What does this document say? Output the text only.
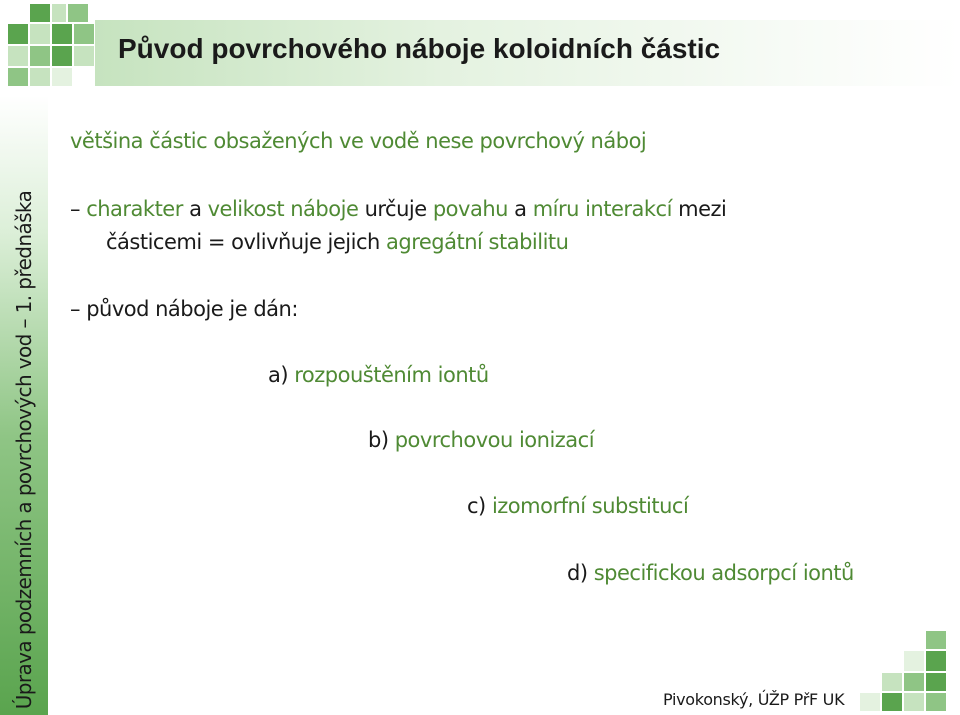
Původ povrchového náboje koloidních částic
Úprava podzemních a povrchových vod – 1. přednáška
většina částic obsažených ve vodě nese povrchový náboj
– charakter a velikost náboje určuje povahu a míru interakcí mezi
částicemi = ovlivňuje jejich agregátní stabilitu
– původ náboje je dán:
a) rozpouštěním iontů
b) povrchovou ionizací
c) izomorfní substitucí
d) specifickou adsorpcí iontů
Pivokonský, ÚŽP PřF UK
